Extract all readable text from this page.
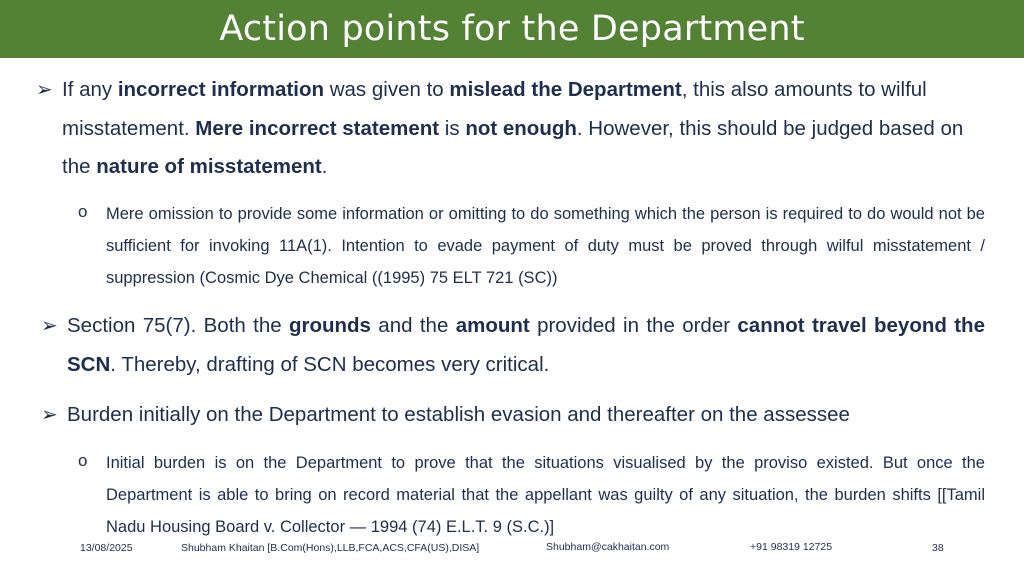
Action points for the Department
➢ If any incorrect information was given to mislead the Department, this also amounts to wilful misstatement. Mere incorrect statement is not enough. However, this should be judged based on the nature of misstatement.
o Mere omission to provide some information or omitting to do something which the person is required to do would not be sufficient for invoking 11A(1). Intention to evade payment of duty must be proved through wilful misstatement / suppression (Cosmic Dye Chemical ((1995) 75 ELT 721 (SC))
➢ Section 75(7). Both the grounds and the amount provided in the order cannot travel beyond the SCN. Thereby, drafting of SCN becomes very critical.
➢ Burden initially on the Department to establish evasion and thereafter on the assessee
o Initial burden is on the Department to prove that the situations visualised by the proviso existed. But once the Department is able to bring on record material that the appellant was guilty of any situation, the burden shifts [[Tamil Nadu Housing Board v. Collector — 1994 (74) E.L.T. 9 (S.C.)]
13/08/2025	Shubham Khaitan [B.Com(Hons),LLB,FCA,ACS,CFA(US),DISA]	Shubham@cakhaitan.com	+91 98319 12725	38
